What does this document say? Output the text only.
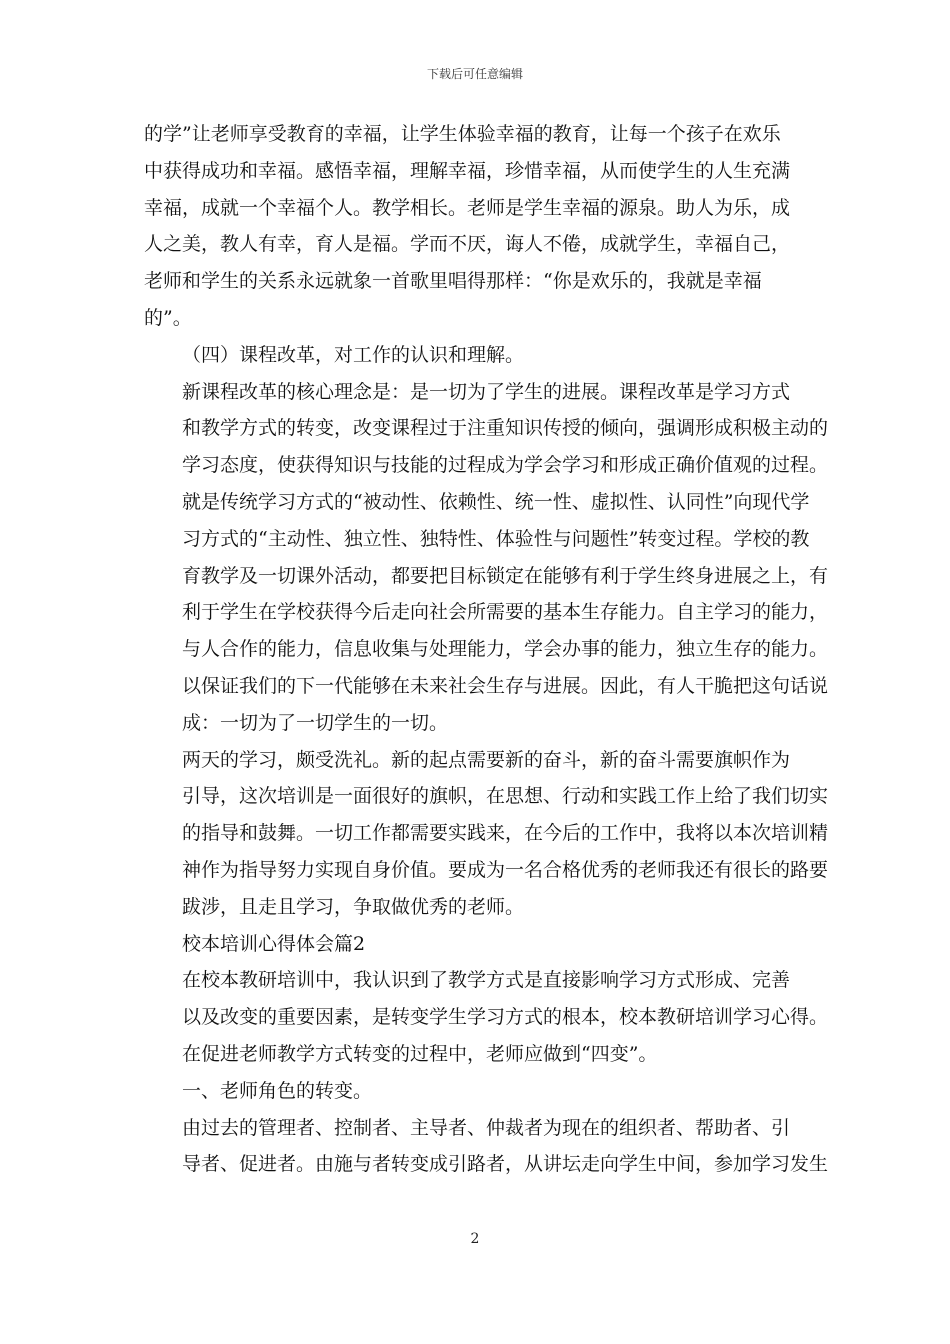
下载后可任意编辑

的学”让老师享受教育的幸福，让学生体验幸福的教育，让每一个孩子在欢乐
中获得成功和幸福。感悟幸福，理解幸福，珍惜幸福，从而使学生的人生充满
幸福，成就一个幸福个人。教学相长。老师是学生幸福的源泉。助人为乐，成
人之美，教人有幸，育人是福。学而不厌，诲人不倦，成就学生，幸福自己，
老师和学生的关系永远就象一首歌里唱得那样：“你是欢乐的，我就是幸福
的”。

（四）课程改革，对工作的认识和理解。

新课程改革的核心理念是：是一切为了学生的进展。课程改革是学习方式
和教学方式的转变，改变课程过于注重知识传授的倾向，强调形成积极主动的
学习态度，使获得知识与技能的过程成为学会学习和形成正确价值观的过程。
就是传统学习方式的“被动性、依赖性、统一性、虚拟性、认同性”向现代学
习方式的“主动性、独立性、独特性、体验性与问题性”转变过程。学校的教
育教学及一切课外活动，都要把目标锁定在能够有利于学生终身进展之上，有
利于学生在学校获得今后走向社会所需要的基本生存能力。自主学习的能力，
与人合作的能力，信息收集与处理能力，学会办事的能力，独立生存的能力。
以保证我们的下一代能够在未来社会生存与进展。因此，有人干脆把这句话说
成：一切为了一切学生的一切。

两天的学习，颇受洗礼。新的起点需要新的奋斗，新的奋斗需要旗帜作为
引导，这次培训是一面很好的旗帜，在思想、行动和实践工作上给了我们切实
的指导和鼓舞。一切工作都需要实践来，在今后的工作中，我将以本次培训精
神作为指导努力实现自身价值。要成为一名合格优秀的老师我还有很长的路要
跋涉，且走且学习，争取做优秀的老师。

校本培训心得体会篇2

在校本教研培训中，我认识到了教学方式是直接影响学习方式形成、完善
以及改变的重要因素，是转变学生学习方式的根本，校本教研培训学习心得。
在促进老师教学方式转变的过程中，老师应做到“四变”。

一、老师角色的转变。

由过去的管理者、控制者、主导者、仲裁者为现在的组织者、帮助者、引
导者、促进者。由施与者转变成引路者，从讲坛走向学生中间，参加学习发生

2
